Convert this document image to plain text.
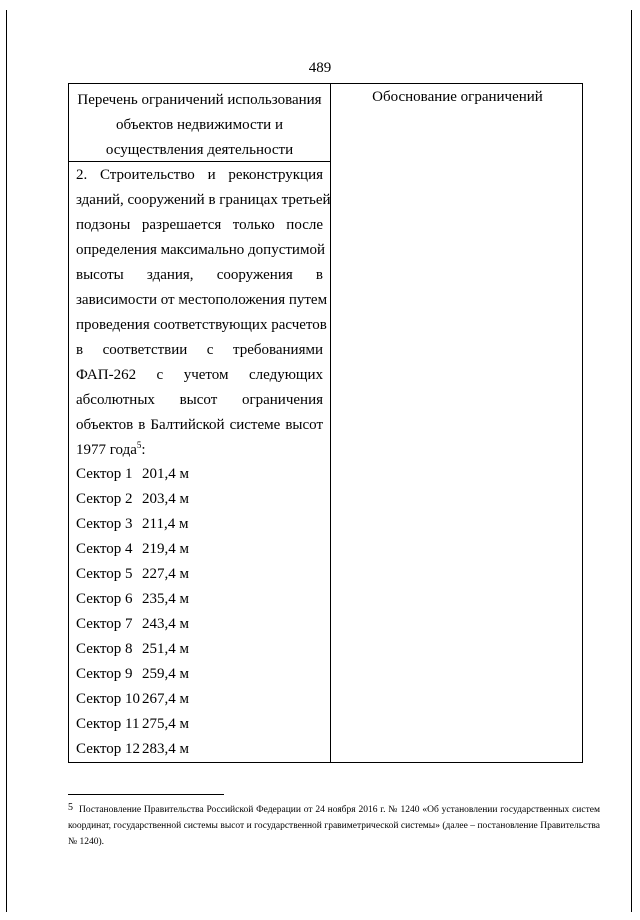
489
Перечень ограничений использования
объектов недвижимости и
осуществления деятельности
Обоснование ограничений
2. Строительство и реконструкция
зданий, сооружений в границах третьей
подзоны разрешается только после
определения максимально допустимой
высоты здания, сооружения в
зависимости от местоположения путем
проведения соответствующих расчетов
в соответствии с требованиями
ФАП-262 с учетом следующих
абсолютных высот ограничения
объектов в Балтийской системе высот
1977 года$^5$:
Сектор 1 201,4 м
Сектор 2 203,4 м
Сектор 3 211,4 м
Сектор 4 219,4 м
Сектор 5 227,4 м
Сектор 6 235,4 м
Сектор 7 243,4 м
Сектор 8 251,4 м
Сектор 9 259,4 м
Сектор 10 267,4 м
Сектор 11 275,4 м
Сектор 12 283,4 м
5 Постановление Правительства Российской Федерации от 24 ноября 2016 г. № 1240 «Об установлении государственных систем координат, государственной системы высот и государственной гравиметрической системы» (далее – постановление Правительства № 1240).
